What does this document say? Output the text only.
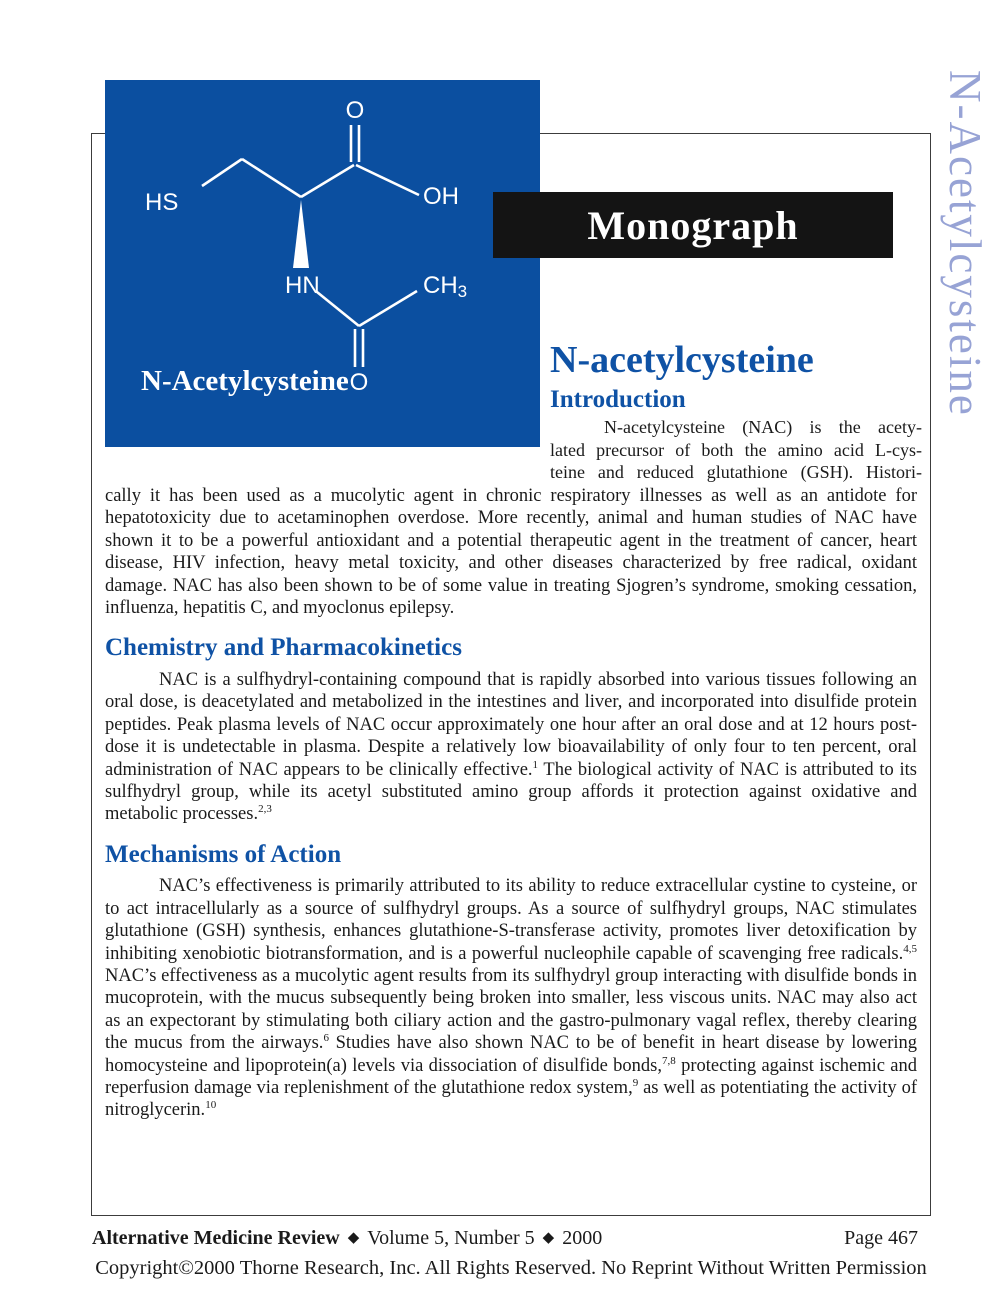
N-Acetylcysteine
O
OH
HS
HN	CH3
O
N-Acetylcysteine
Monograph
N-acetylcysteine
Introduction
N-acetylcysteine (NAC) is the acety-
lated precursor of both the amino acid L-cys-
teine and reduced glutathione (GSH). Histori-

cally it has been used as a mucolytic agent in chronic respiratory illnesses as well as an antidote for hepatotoxicity due to acetaminophen overdose. More recently, animal and human studies of NAC have shown it to be a powerful antioxidant and a potential therapeutic agent in the treatment of cancer, heart disease, HIV infection, heavy metal toxicity, and other diseases characterized by free radical, oxidant damage. NAC has also been shown to be of some value in treating Sjogren’s syndrome, smoking cessation, influenza, hepatitis C, and myoclonus epilepsy.

Chemistry and Pharmacokinetics

NAC is a sulfhydryl-containing compound that is rapidly absorbed into various tissues following an oral dose, is deacetylated and metabolized in the intestines and liver, and incorporated into disulfide protein peptides. Peak plasma levels of NAC occur approximately one hour after an oral dose and at 12 hours post-dose it is undetectable in plasma. Despite a relatively low bioavailability of only four to ten percent, oral administration of NAC appears to be clinically effective.$^1$ The biological activity of NAC is attributed to its sulfhydryl group, while its acetyl substituted amino group affords it protection against oxidative and metabolic processes.$^{2,3}$

Mechanisms of Action

NAC’s effectiveness is primarily attributed to its ability to reduce extracellular cystine to cysteine, or to act intracellularly as a source of sulfhydryl groups. As a source of sulfhydryl groups, NAC stimulates glutathione (GSH) synthesis, enhances glutathione-S-transferase activity, promotes liver detoxification by inhibiting xenobiotic biotransformation, and is a powerful nucleophile capable of scavenging free radicals.$^{4,5}$ NAC’s effectiveness as a mucolytic agent results from its sulfhydryl group interacting with disulfide bonds in mucoprotein, with the mucus subsequently being broken into smaller, less viscous units. NAC may also act as an expectorant by stimulating both ciliary action and the gastro-pulmonary vagal reflex, thereby clearing the mucus from the airways.$^6$ Studies have also shown NAC to be of benefit in heart disease by lowering homocysteine and lipoprotein(a) levels via dissociation of disulfide bonds,$^{7,8}$ protecting against ischemic and reperfusion damage via replenishment of the glutathione redox system,$^9$ as well as potentiating the activity of nitroglycerin.$^{10}$

Alternative Medicine Review ◆ Volume 5, Number 5 ◆ 2000	Page 467
Copyright©2000 Thorne Research, Inc. All Rights Reserved. No Reprint Without Written Permission
